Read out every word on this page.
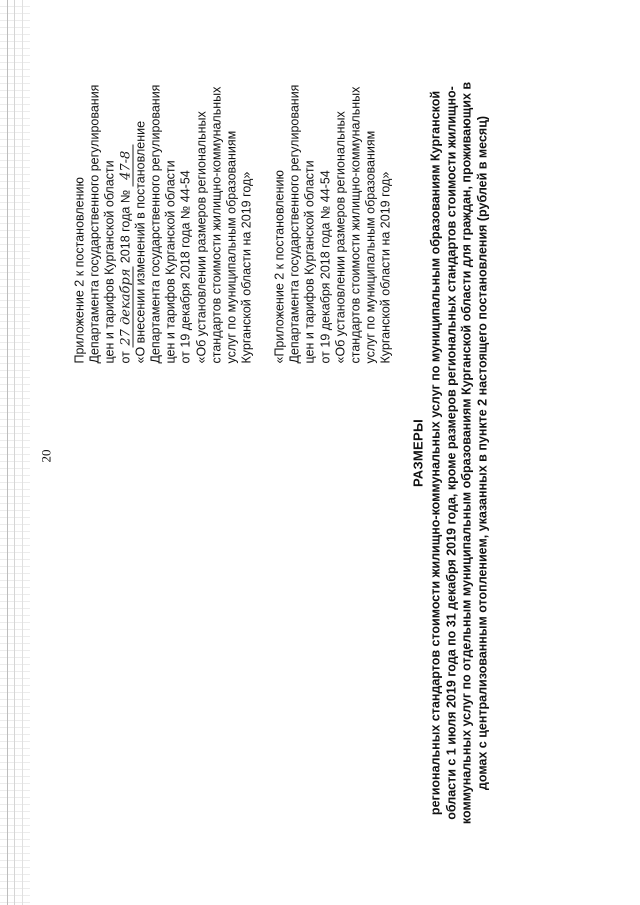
20
Приложение 2 к постановлению Департамента государственного регулирования цен и тарифов Курганской области от 27 декабря 2018 года № 47-8 «О внесении изменений в постановление Департамента государственного регулирования цен и тарифов Курганской области от 19 декабря 2018 года № 44-54 «Об установлении размеров региональных стандартов стоимости жилищно-коммунальных услуг по муниципальным образованиям Курганской области на 2019 год» «Приложение 2 к постановлению Департамента государственного регулирования цен и тарифов Курганской области от 19 декабря 2018 года № 44-54 «Об установлении размеров региональных стандартов стоимости жилищно-коммунальных услуг по муниципальным образованиям Курганской области на 2019 год»
РАЗМЕРЫ региональных стандартов стоимости жилищно-коммунальных услуг по муниципальным образованиям Курганской области с 1 июля 2019 года по 31 декабря 2019 года, кроме размеров региональных стандартов стоимости жилищно- коммунальных услуг по отдельным муниципальным образованиям Курганской области для граждан, проживающих в домах с централизованным отоплением, указанных в пункте 2 настоящего постановления (рублей в месяц)
